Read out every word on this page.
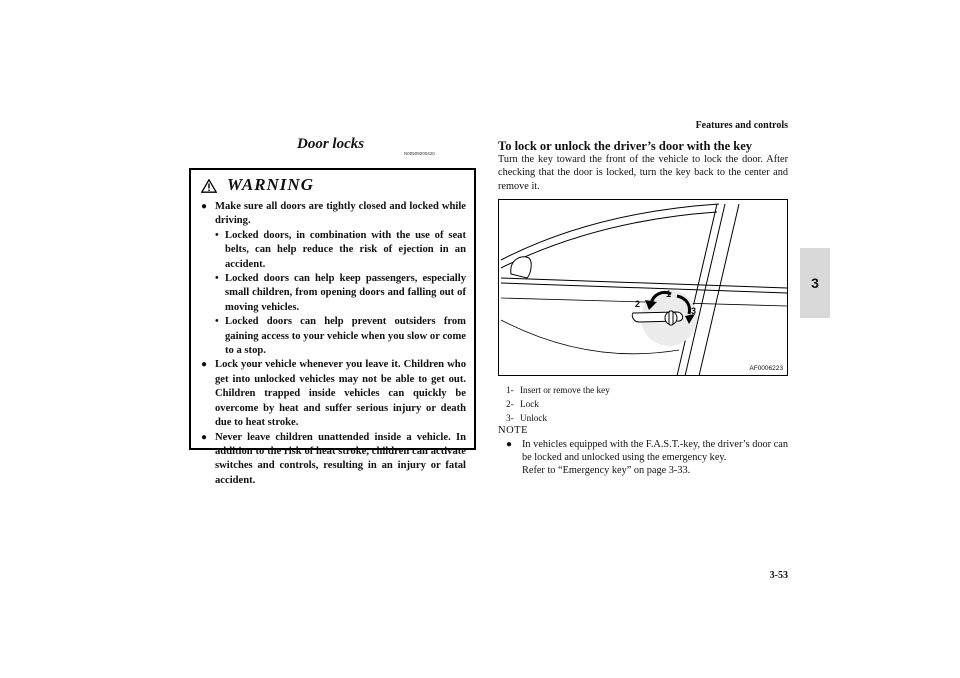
Features and controls
3
3-53
Door locks
N00509200420
WARNING
● Make sure all doors are tightly closed and locked while driving.
• Locked doors, in combination with the use of seat belts, can help reduce the risk of ejection in an accident.
• Locked doors can help keep passengers, especially small children, from opening doors and falling out of moving vehicles.
• Locked doors can help prevent outsiders from gaining access to your vehicle when you slow or come to a stop.
● Lock your vehicle whenever you leave it. Children who get into unlocked vehicles may not be able to get out. Children trapped inside vehicles can quickly be overcome by heat and suffer serious injury or death due to heat stroke.
● Never leave children unattended inside a vehicle. In addition to the risk of heat stroke, children can activate switches and controls, resulting in an injury or fatal accident.
To lock or unlock the driver’s door with the key
Turn the key toward the front of the vehicle to lock the door. After checking that the door is locked, turn the key back to the center and remove it.
2
1
3
AF0006223
1- Insert or remove the key
2- Lock
3- Unlock
NOTE
● In vehicles equipped with the F.A.S.T.-key, the driver’s door can be locked and unlocked using the emergency key.
Refer to “Emergency key” on page 3-33.
